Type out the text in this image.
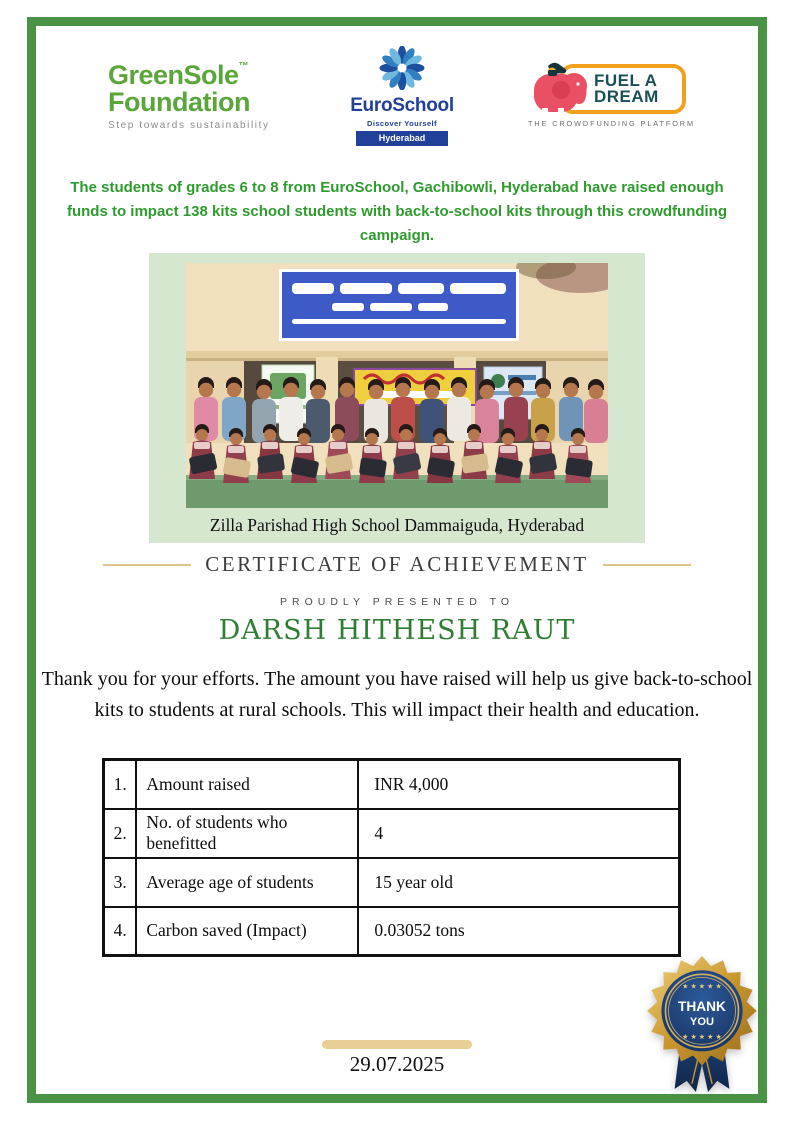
GreenSole™
Foundation
Step towards sustainability
EuroSchool
Discover Yourself
Hyderabad
FUEL A
DREAM
THE CROWDFUNDING PLATFORM
The students of grades 6 to 8 from EuroSchool, Gachibowli, Hyderabad have raised enough funds to impact 138 kits school students with back-to-school kits through this crowdfunding campaign.
Zilla Parishad High School Dammaiguda, Hyderabad
CERTIFICATE OF ACHIEVEMENT
PROUDLY PRESENTED TO
DARSH HITHESH RAUT
Thank you for your efforts. The amount you have raised will help us give back-to-school kits to students at rural schools. This will impact their health and education.
1.	Amount raised	INR 4,000
2.	No. of students who benefitted	4
3.	Average age of students	15 year old
4.	Carbon saved (Impact)	0.03052 tons
★ ★ ★ ★ ★
THANK
YOU
★ ★ ★ ★ ★
29.07.2025
